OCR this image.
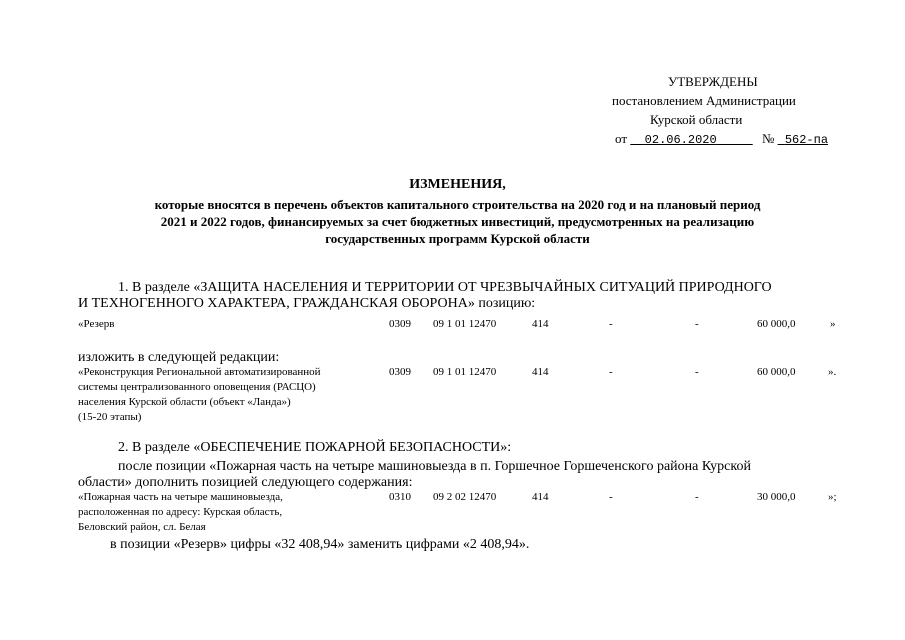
УТВЕРЖДЕНЫ
постановлением Администрации
Курской области
от 02.06.2020	№ 562-па
ИЗМЕНЕНИЯ,
которые вносятся в перечень объектов капитального строительства на 2020 год и на плановый период
2021 и 2022 годов, финансируемых за счет бюджетных инвестиций, предусмотренных на реализацию
государственных программ Курской области
1. В разделе «ЗАЩИТА НАСЕЛЕНИЯ И ТЕРРИТОРИИ ОТ ЧРЕЗВЫЧАЙНЫХ СИТУАЦИЙ ПРИРОДНОГО
И ТЕХНОГЕННОГО ХАРАКТЕРА, ГРАЖДАНСКАЯ ОБОРОНА» позицию:
«Резерв	0309 09 1 01 12470	414	-	-	60 000,0	»
изложить в следующей редакции:
«Реконструкция Региональной автоматизированной
системы централизованного оповещения (РАСЦО)
населения Курской области (объект «Ланда»)
(15-20 этапы)
0309 09 1 01 12470	414	-	-	60 000,0	».
2. В разделе «ОБЕСПЕЧЕНИЕ ПОЖАРНОЙ БЕЗОПАСНОСТИ»:
после позиции «Пожарная часть на четыре машиновыезда в п. Горшечное Горшеченского района Курской
области» дополнить позицией следующего содержания:
«Пожарная часть на четыре машиновыезда,
расположенная по адресу: Курская область,
Беловский район, сл. Белая
0310 09 2 02 12470	414	-	-	30 000,0	»;
в позиции «Резерв» цифры «32 408,94» заменить цифрами «2 408,94».
